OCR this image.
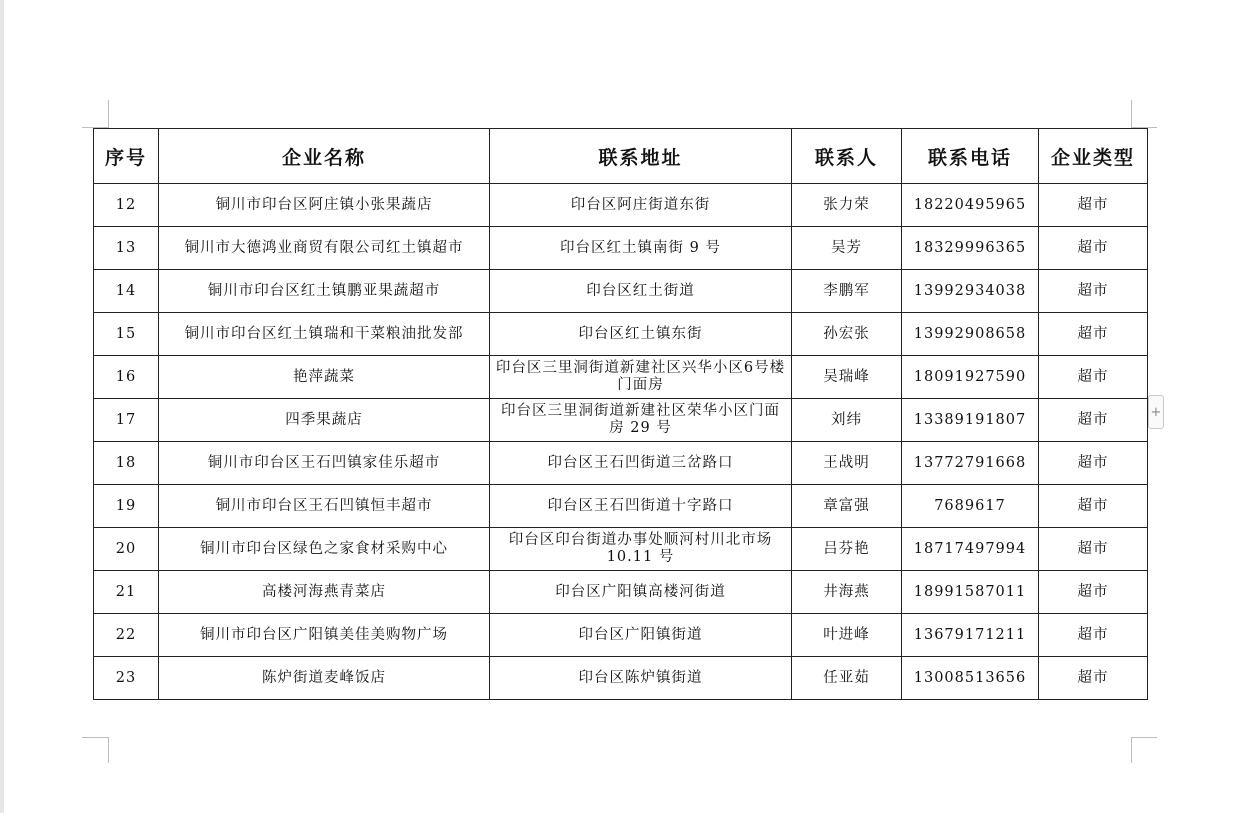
序号	企业名称	联系地址	联系人	联系电话	企业类型
12	铜川市印台区阿庄镇小张果蔬店	印台区阿庄街道东街	张力荣	18220495965	超市
13	铜川市大德鸿业商贸有限公司红土镇超市	印台区红土镇南街 9 号	吴芳	18329996365	超市
14	铜川市印台区红土镇鹏亚果蔬超市	印台区红土街道	李鹏军	13992934038	超市
15	铜川市印台区红土镇瑞和干菜粮油批发部	印台区红土镇东街	孙宏张	13992908658	超市
16	艳萍蔬菜	印台区三里洞街道新建社区兴华小区6号楼门面房	吴瑞峰	18091927590	超市
17	四季果蔬店	印台区三里洞街道新建社区荣华小区门面房 29 号	刘纬	13389191807	超市
18	铜川市印台区王石凹镇家佳乐超市	印台区王石凹街道三岔路口	王战明	13772791668	超市
19	铜川市印台区王石凹镇恒丰超市	印台区王石凹街道十字路口	章富强	7689617	超市
20	铜川市印台区绿色之家食材采购中心	印台区印台街道办事处顺河村川北市场10.11 号	吕芬艳	18717497994	超市
21	高楼河海燕青菜店	印台区广阳镇高楼河街道	井海燕	18991587011	超市
22	铜川市印台区广阳镇美佳美购物广场	印台区广阳镇街道	叶进峰	13679171211	超市
23	陈炉街道麦峰饭店	印台区陈炉镇街道	任亚茹	13008513656	超市
+
